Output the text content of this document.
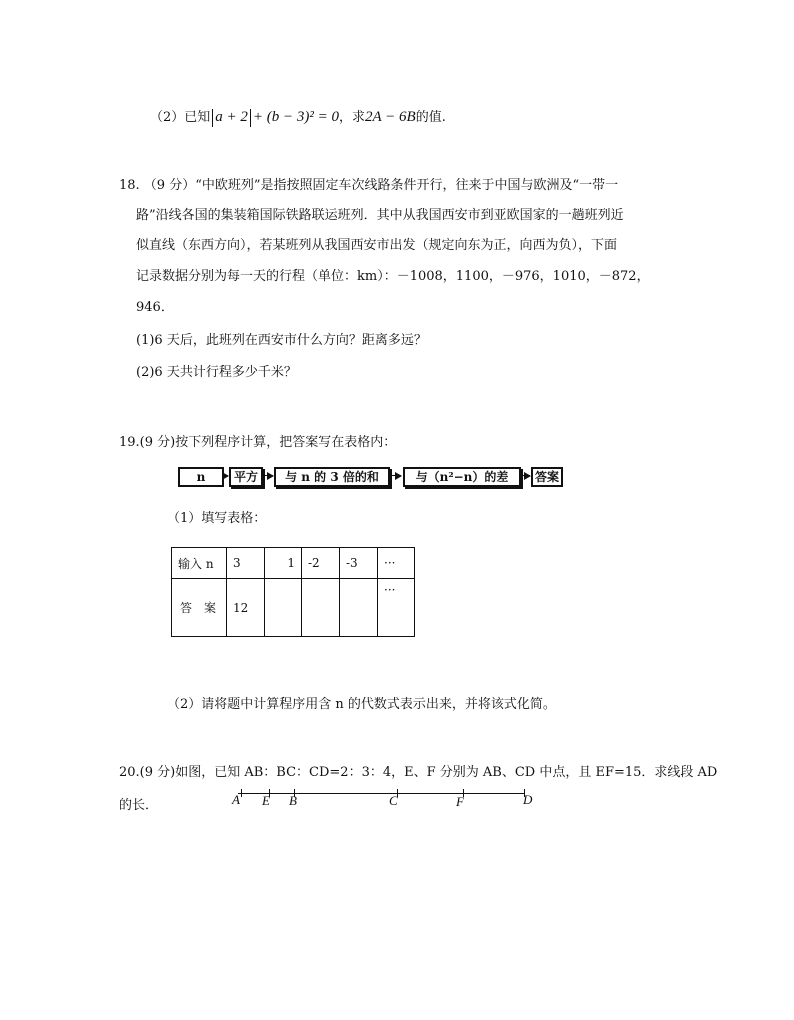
（2）已知 a + 2 + (b − 3)² = 0，求2A − 6B的值.
18. （9 分）“中欧班列”是指按照固定车次线路条件开行，往来于中国与欧洲及“一带一
路”沿线各国的集装箱国际铁路联运班列．其中从我国西安市到亚欧国家的一趟班列近
似直线（东西方向），若某班列从我国西安市出发（规定向东为正，向西为负），下面
记录数据分别为每一天的行程（单位：km）：－1008，1100，－976，1010，－872，
946．
(1)6 天后，此班列在西安市什么方向？距离多远？
(2)6 天共计行程多少千米？
19.(9 分)按下列程序计算，把答案写在表格内：
n	平方	与 n 的 3 倍的和	与（n²−n）的差	答案
（1）填写表格：
输入 n	3	1	-2	-3	···
答　案	12				···
（2）请将题中计算程序用含 n 的代数式表示出来，并将该式化简。
20.(9 分)如图，已知 AB：BC：CD=2：3：4，E、F 分别为 AB、CD 中点，且 EF=15．求线段 AD
的长．	A E B	C	F	D
